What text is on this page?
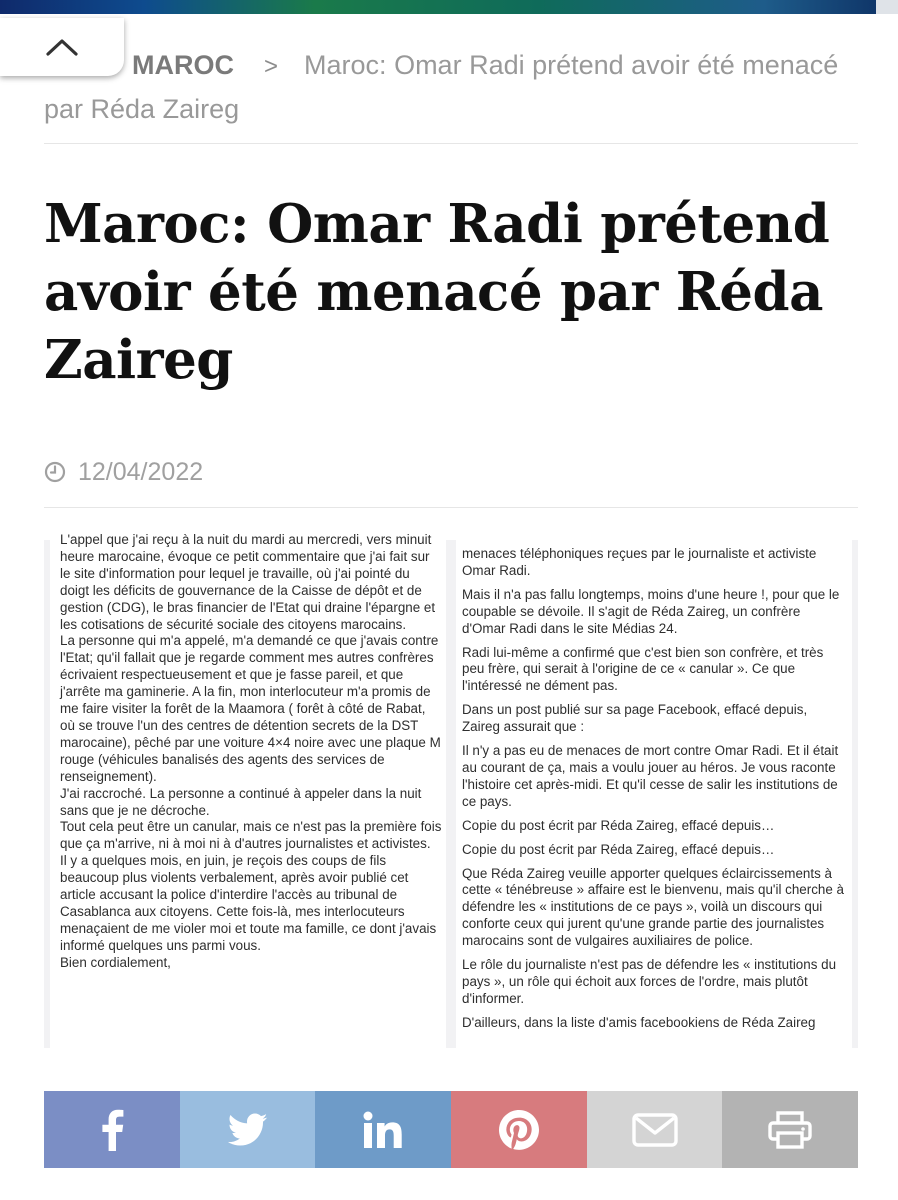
MAROC > Maroc: Omar Radi prétend avoir été menacé par Réda Zaireg
Maroc: Omar Radi prétend avoir été menacé par Réda Zaireg
12/04/2022

L'appel que j'ai reçu à la nuit du mardi au mercredi, vers minuit heure marocaine, évoque ce petit commentaire que j'ai fait sur le site d'information pour lequel je travaille, où j'ai pointé du doigt les déficits de gouvernance de la Caisse de dépôt et de gestion (CDG), le bras financier de l'Etat qui draine l'épargne et les cotisations de sécurité sociale des citoyens marocains.

La personne qui m'a appelé, m'a demandé ce que j'avais contre l'Etat; qu'il fallait que je regarde comment mes autres confrères écrivaient respectueusement et que je fasse pareil, et que j'arrête ma gaminerie. A la fin, mon interlocuteur m'a promis de me faire visiter la forêt de la Maamora ( forêt à côté de Rabat, où se trouve l'un des centres de détention secrets de la DST marocaine), pêché par une voiture 4×4 noire avec une plaque M rouge (véhicules banalisés des agents des services de renseignement).

J'ai raccroché. La personne a continué à appeler dans la nuit sans que je ne décroche.

Tout cela peut être un canular, mais ce n'est pas la première fois que ça m'arrive, ni à moi ni à d'autres journalistes et activistes.

Il y a quelques mois, en juin, je reçois des coups de fils beaucoup plus violents verbalement, après avoir publié cet article accusant la police d'interdire l'accès au tribunal de Casablanca aux citoyens. Cette fois-là, mes interlocuteurs menaçaient de me violer moi et toute ma famille, ce dont j'avais informé quelques uns parmi vous.

Bien cordialement,

menaces téléphoniques reçues par le journaliste et activiste Omar Radi.

Mais il n'a pas fallu longtemps, moins d'une heure !, pour que le coupable se dévoile. Il s'agit de Réda Zaireg, un confrère d'Omar Radi dans le site Médias 24.

Radi lui-même a confirmé que c'est bien son confrère, et très peu frère, qui serait à l'origine de ce « canular ». Ce que l'intéressé ne dément pas.

Dans un post publié sur sa page Facebook, effacé depuis, Zaireg assurait que :

Il n'y a pas eu de menaces de mort contre Omar Radi. Et il était au courant de ça, mais a voulu jouer au héros. Je vous raconte l'histoire cet après-midi. Et qu'il cesse de salir les institutions de ce pays.

Copie du post écrit par Réda Zaireg, effacé depuis…

Copie du post écrit par Réda Zaireg, effacé depuis…

Que Réda Zaireg veuille apporter quelques éclaircissements à cette « ténébreuse » affaire est le bienvenu, mais qu'il cherche à défendre les « institutions de ce pays », voilà un discours qui conforte ceux qui jurent qu'une grande partie des journalistes marocains sont de vulgaires auxiliaires de police.

Le rôle du journaliste n'est pas de défendre les « institutions du pays », un rôle qui échoit aux forces de l'ordre, mais plutôt d'informer.

D'ailleurs, dans la liste d'amis facebookiens de Réda Zaireg
